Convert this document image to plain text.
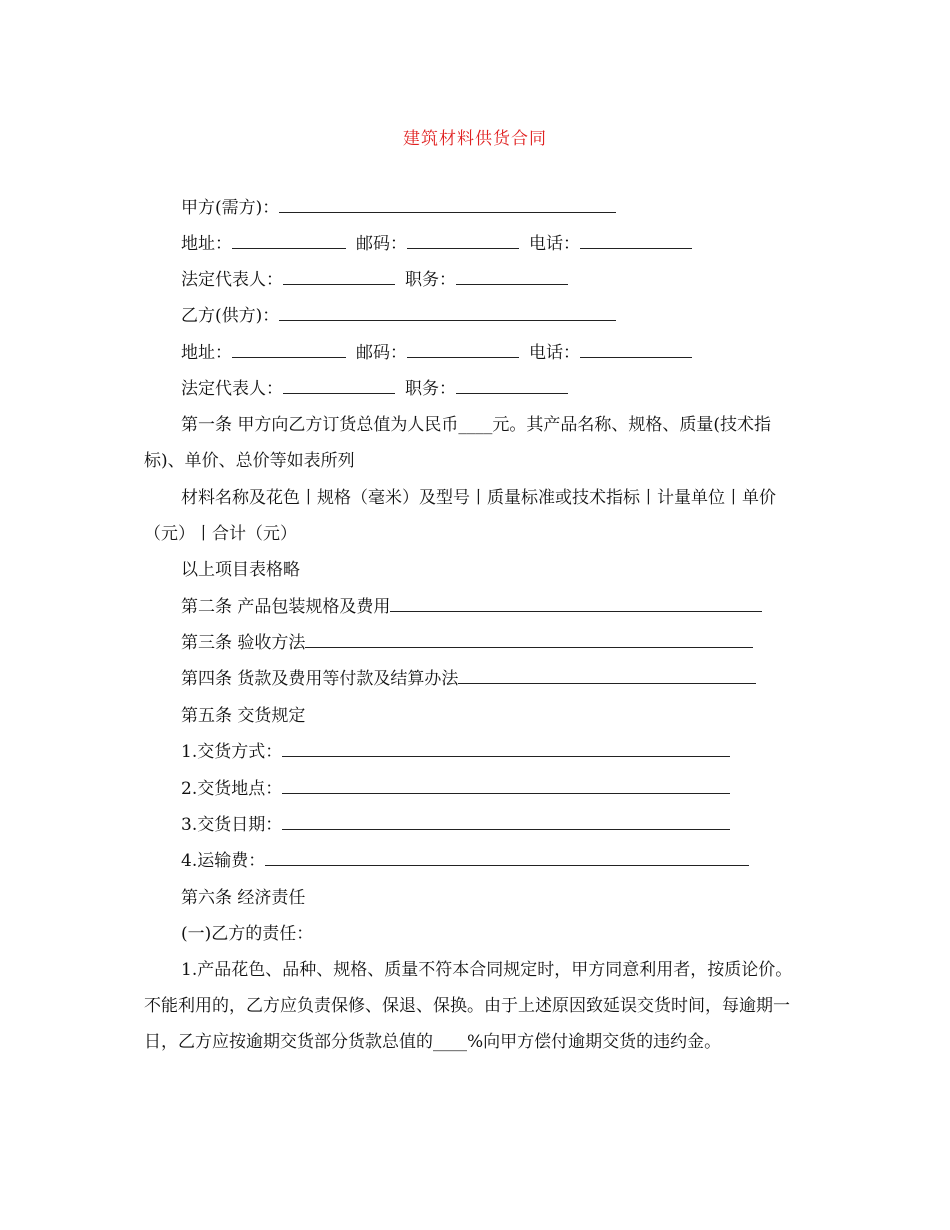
建筑材料供货合同
甲方(需方)：
地址：	邮码：	电话：
法定代表人：	职务：
乙方(供方)：
地址：	邮码：	电话：
法定代表人：	职务：
第一条 甲方向乙方订货总值为人民币____元。其产品名称、规格、质量(技术指标)、单价、总价等如表所列
材料名称及花色丨规格（毫米）及型号丨质量标准或技术指标丨计量单位丨单价（元）丨合计（元）
以上项目表格略
第二条 产品包装规格及费用
第三条 验收方法
第四条 货款及费用等付款及结算办法
第五条 交货规定
1.交货方式：
2.交货地点：
3.交货日期：
4.运输费：
第六条 经济责任
(一)乙方的责任：
1.产品花色、品种、规格、质量不符本合同规定时，甲方同意利用者，按质论价。不能利用的，乙方应负责保修、保退、保换。由于上述原因致延误交货时间，每逾期一日，乙方应按逾期交货部分货款总值的____%向甲方偿付逾期交货的违约金。
